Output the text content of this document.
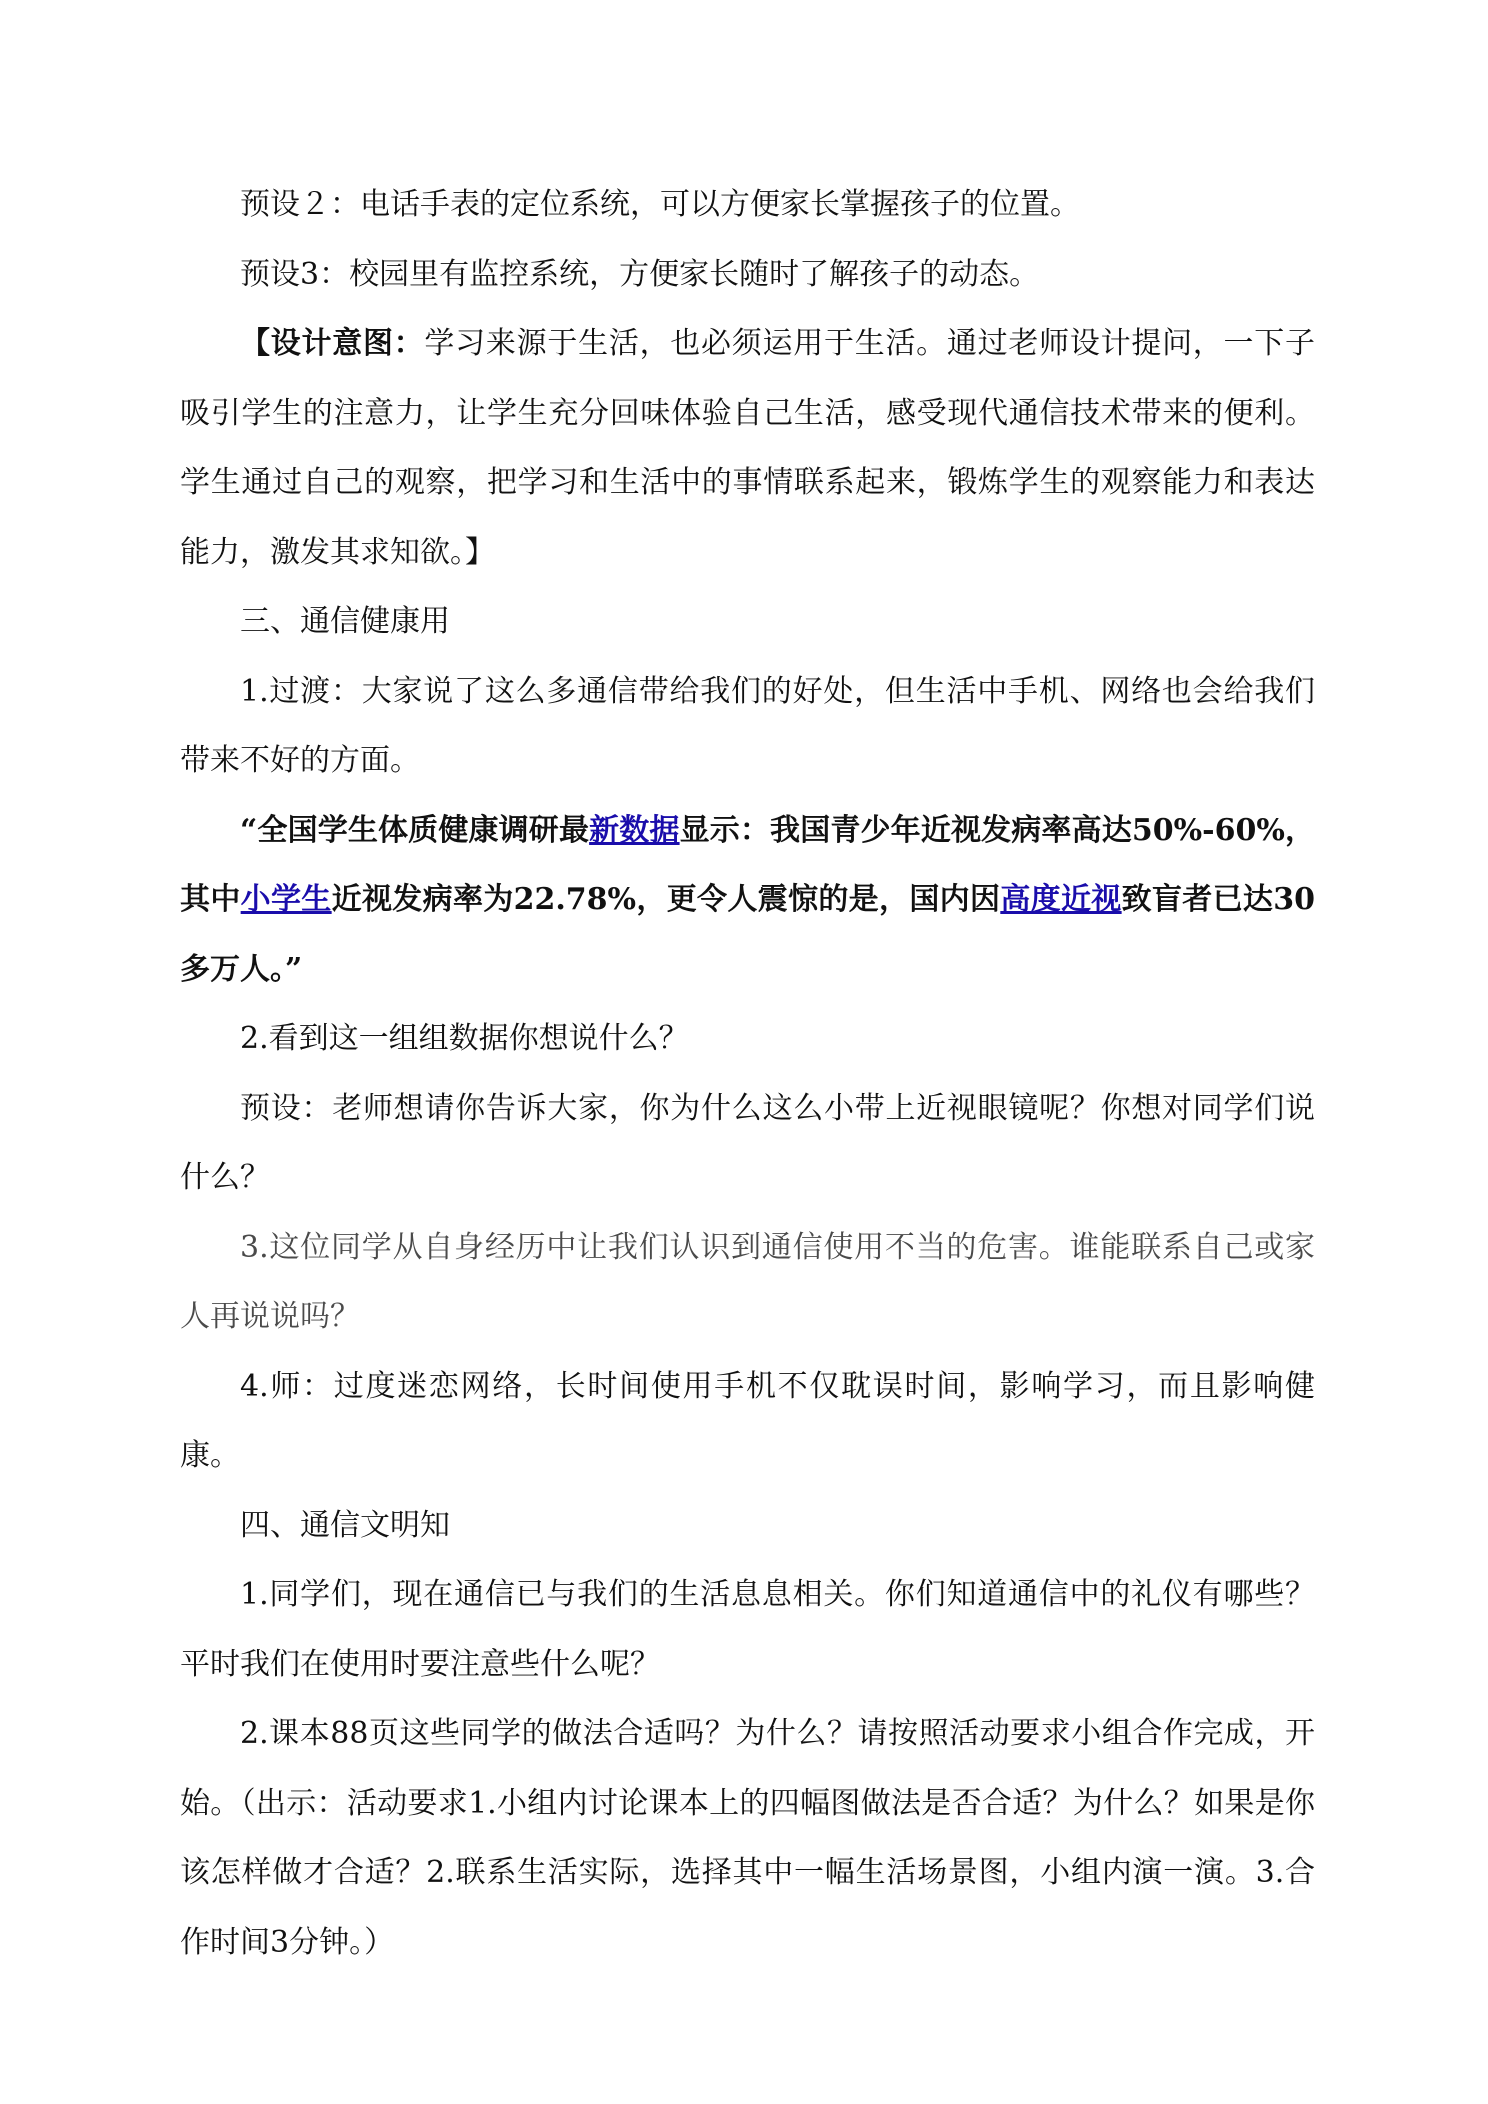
预设２：电话手表的定位系统，可以方便家长掌握孩子的位置。

预设3：校园里有监控系统，方便家长随时了解孩子的动态。

【设计意图：学习来源于生活，也必须运用于生活。通过老师设计提问，一下子吸引学生的注意力，让学生充分回味体验自己生活，感受现代通信技术带来的便利。学生通过自己的观察，把学习和生活中的事情联系起来，锻炼学生的观察能力和表达能力，激发其求知欲。】

三、通信健康用

1.过渡：大家说了这么多通信带给我们的好处，但生活中手机、网络也会给我们带来不好的方面。

“全国学生体质健康调研最新数据显示：我国青少年近视发病率高达50%-60%，其中小学生近视发病率为22.78%，更令人震惊的是，国内因高度近视致盲者已达30多万人。”

2.看到这一组组数据你想说什么？

预设：老师想请你告诉大家，你为什么这么小带上近视眼镜呢？你想对同学们说什么？

3.这位同学从自身经历中让我们认识到通信使用不当的危害。谁能联系自己或家人再说说吗？

4.师：过度迷恋网络，长时间使用手机不仅耽误时间，影响学习，而且影响健康。

四、通信文明知

1.同学们，现在通信已与我们的生活息息相关。你们知道通信中的礼仪有哪些？平时我们在使用时要注意些什么呢？

2.课本88页这些同学的做法合适吗？为什么？请按照活动要求小组合作完成，开始。（出示：活动要求1.小组内讨论课本上的四幅图做法是否合适？为什么？如果是你该怎样做才合适？2.联系生活实际，选择其中一幅生活场景图，小组内演一演。3.合作时间3分钟。）
